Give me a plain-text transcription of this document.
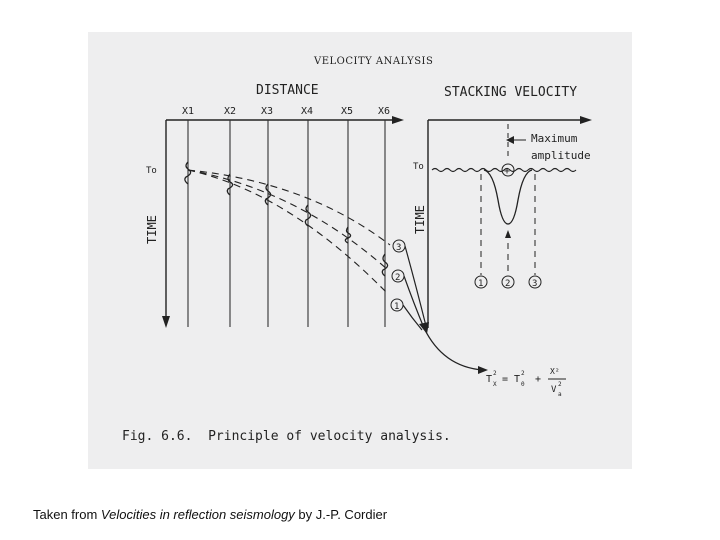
VELOCITY ANALYSIS
DISTANCE
X1	X2 X3	X4	X5 X6
To
TIME
3
2
1
STACKING VELOCITY
To
TIME
+
Maximum
amplitude
1 2 3
T
2
X = T
2
0 +
X²
V
2
a
Fig. 6.6.  Principle of velocity analysis.
Taken from Velocities in reflection seismology by J.-P. Cordier
